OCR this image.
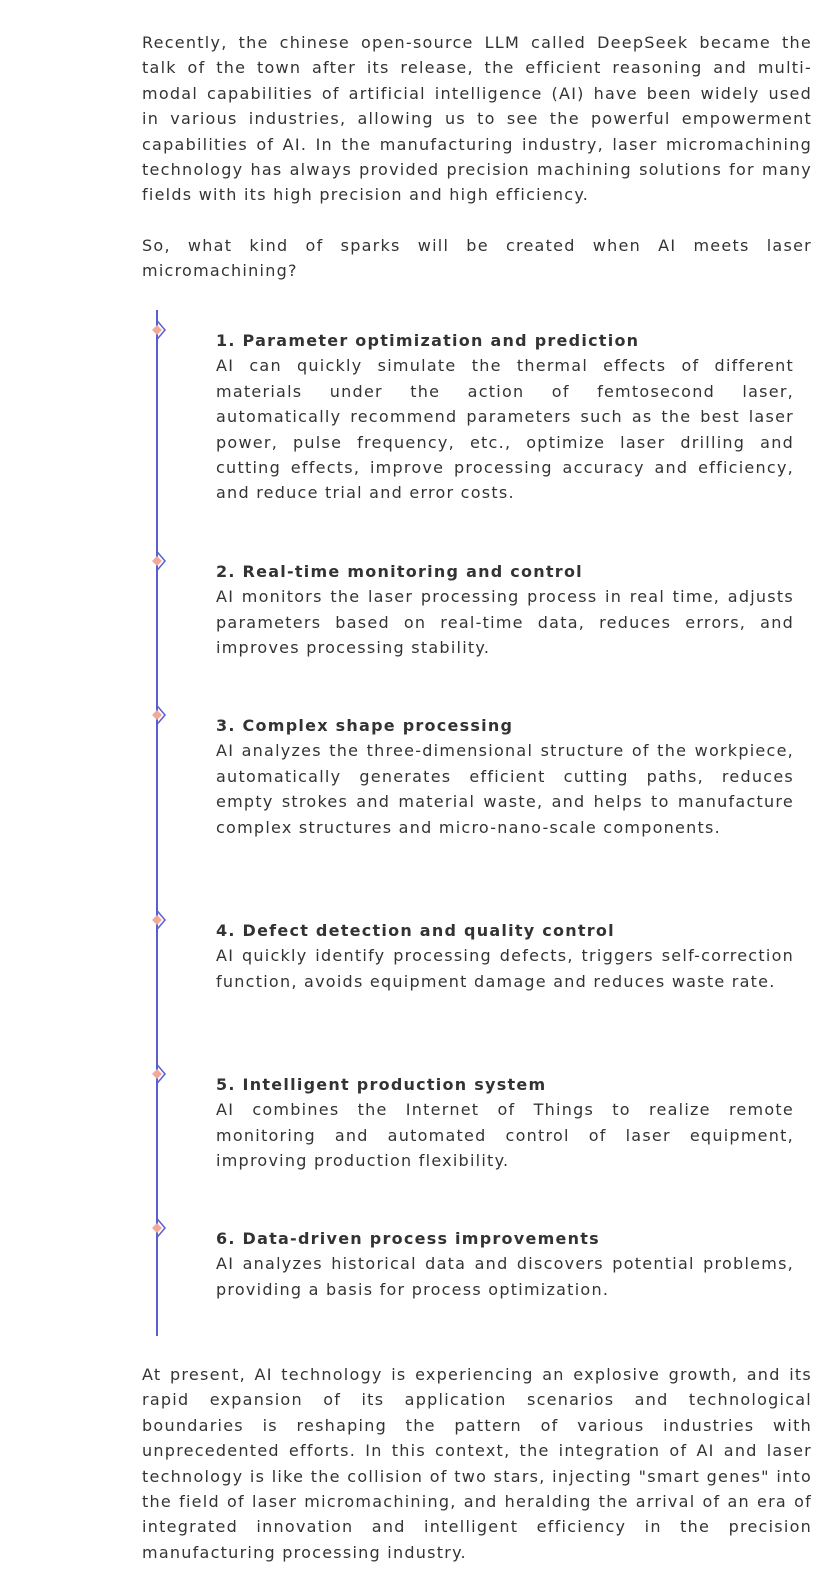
Recently, the chinese open-source LLM called DeepSeek became the talk of the town after its release, the efficient reasoning and multi-modal capabilities of artificial intelligence (AI) have been widely used in various industries, allowing us to see the powerful empowerment capabilities of AI. In the manufacturing industry, laser micromachining technology has always provided precision machining solutions for many fields with its high precision and high efficiency.

So, what kind of sparks will be created when AI meets laser micromachining?

1. Parameter optimization and prediction

AI can quickly simulate the thermal effects of different materials under the action of femtosecond laser, automatically recommend parameters such as the best laser power, pulse frequency, etc., optimize laser drilling and cutting effects, improve processing accuracy and efficiency, and reduce trial and error costs.

2. Real-time monitoring and control

AI monitors the laser processing process in real time, adjusts parameters based on real-time data, reduces errors, and improves processing stability.

3. Complex shape processing

AI analyzes the three-dimensional structure of the workpiece, automatically generates efficient cutting paths, reduces empty strokes and material waste, and helps to manufacture complex structures and micro-nano-scale components.

4. Defect detection and quality control

AI quickly identify processing defects, triggers self-correction function, avoids equipment damage and reduces waste rate.

5. Intelligent production system

AI combines the Internet of Things to realize remote monitoring and automated control of laser equipment, improving production flexibility.

6. Data-driven process improvements

AI analyzes historical data and discovers potential problems, providing a basis for process optimization.

At present, AI technology is experiencing an explosive growth, and its rapid expansion of its application scenarios and technological boundaries is reshaping the pattern of various industries with unprecedented efforts. In this context, the integration of AI and laser technology is like the collision of two stars, injecting "smart genes" into the field of laser micromachining, and heralding the arrival of an era of integrated innovation and intelligent efficiency in the precision manufacturing processing industry.
